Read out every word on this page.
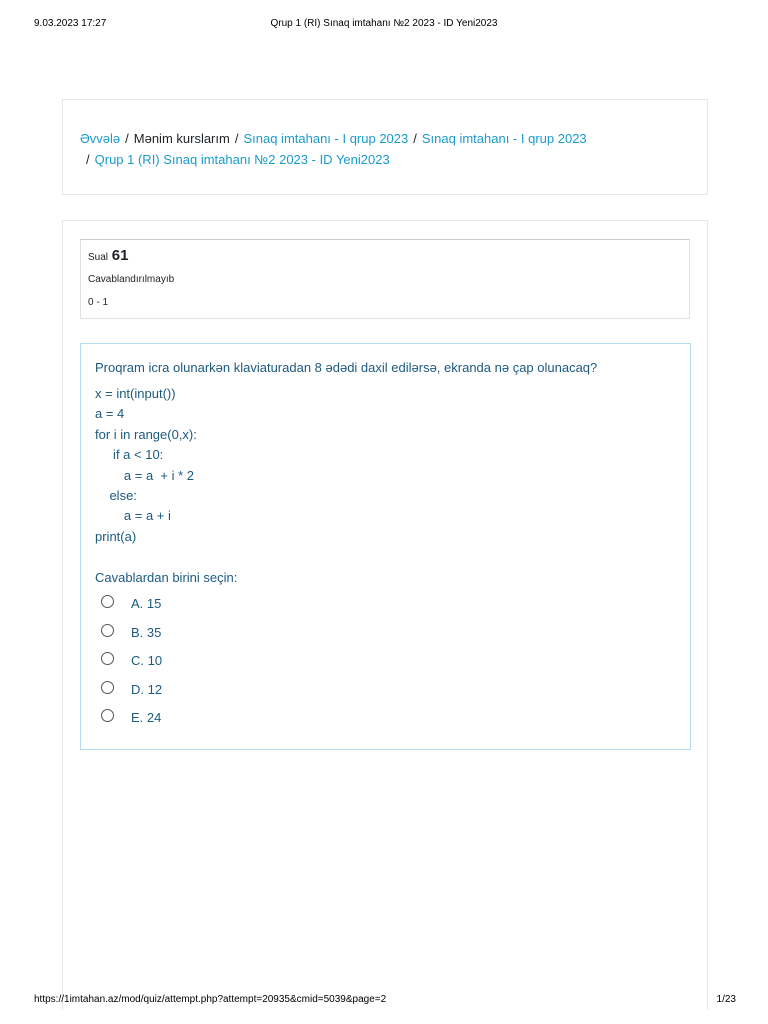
9.03.2023 17:27	Qrup 1 (RI) Sınaq imtahanı №2 2023 - ID Yeni2023
Əvvələ / Mənim kurslarım / Sınaq imtahanı - I qrup 2023 / Sınaq imtahanı - I qrup 2023
/ Qrup 1 (RI) Sınaq imtahanı №2 2023 - ID Yeni2023
Sual 61
Cavablandırılmayıb
0 - 1
Proqram icra olunarkən klaviaturadan 8 ədədi daxil edilərsə, ekranda nə çap olunacaq?
x = int(input())
a = 4
for i in range(0,x):
if a < 10:
a = a  + i * 2
else:
a = a + i
print(a)
Cavablardan birini seçin:
A. 15
B. 35
C. 10
D. 12
E. 24
https://1imtahan.az/mod/quiz/attempt.php?attempt=20935&cmid=5039&page=2	1/23
